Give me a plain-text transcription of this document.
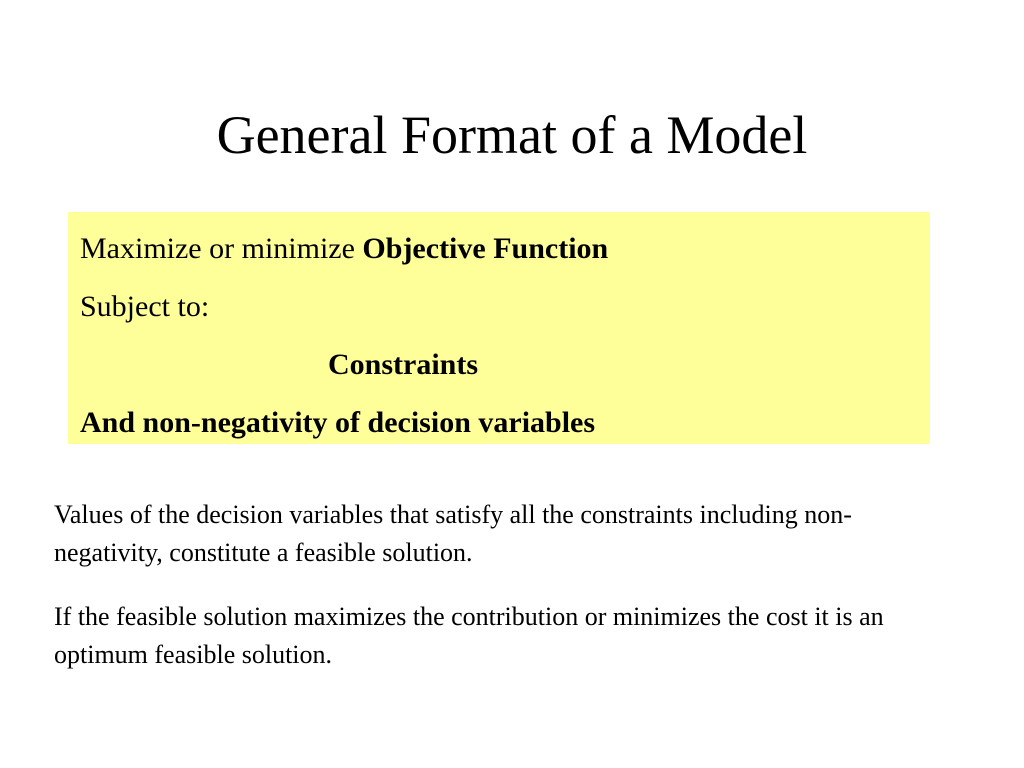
General Format of a Model
Maximize or minimize Objective Function
Subject to:
Constraints
And non-negativity of decision variables

Values of the decision variables that satisfy all the constraints including non-negativity, constitute a feasible solution.

If the feasible solution maximizes the contribution or minimizes the cost it is an optimum feasible solution.
